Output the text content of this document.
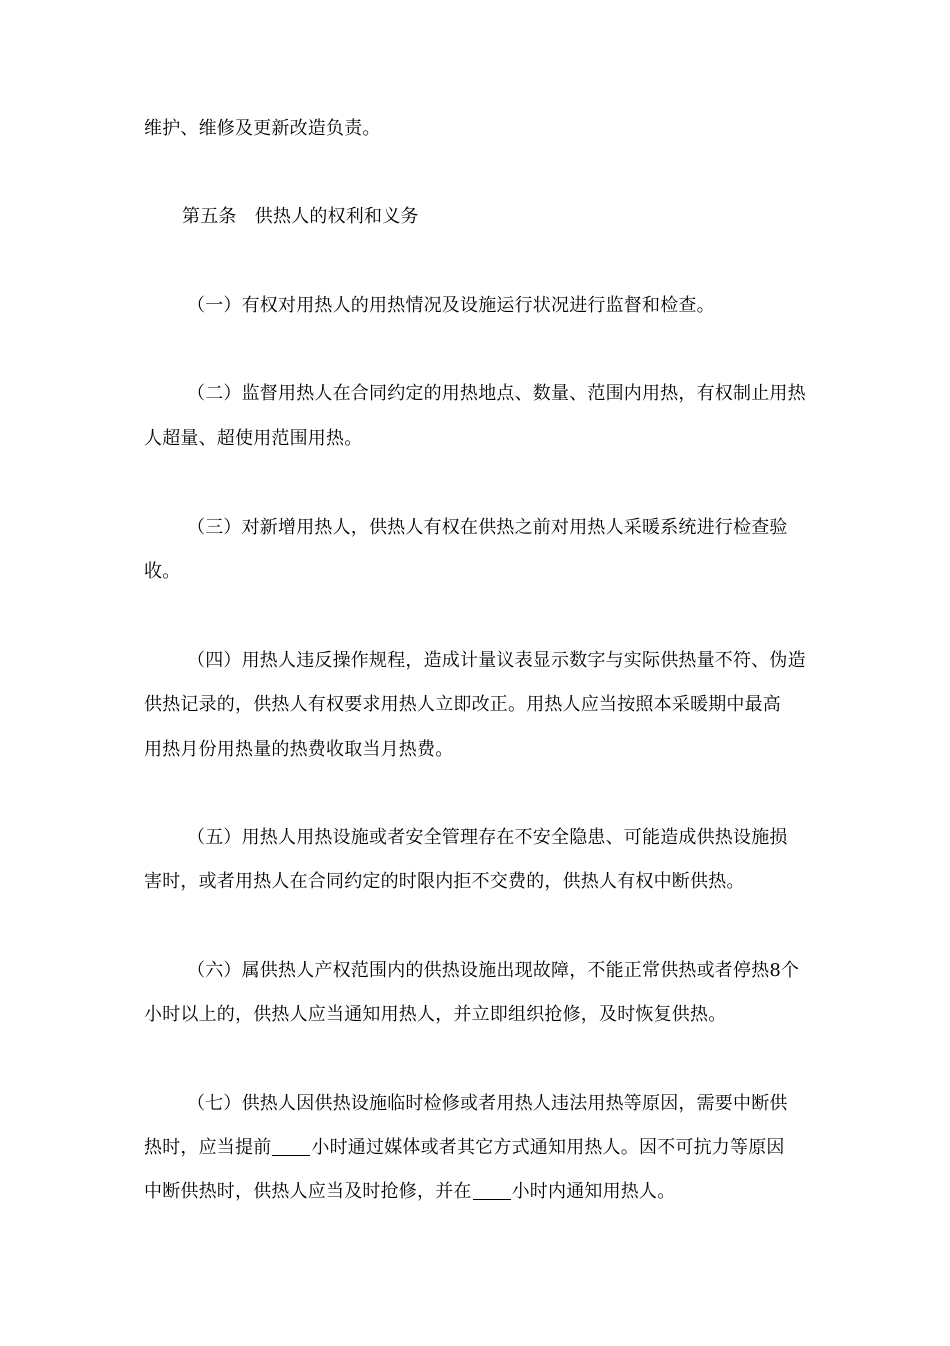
维护、维修及更新改造负责。
第五条　供热人的权利和义务
（一）有权对用热人的用热情况及设施运行状况进行监督和检查。
（二）监督用热人在合同约定的用热地点、数量、范围内用热，有权制止用热
人超量、超使用范围用热。
（三）对新增用热人，供热人有权在供热之前对用热人采暖系统进行检查验
收。
（四）用热人违反操作规程，造成计量议表显示数字与实际供热量不符、伪造
供热记录的，供热人有权要求用热人立即改正。用热人应当按照本采暖期中最高
用热月份用热量的热费收取当月热费。
（五）用热人用热设施或者安全管理存在不安全隐患、可能造成供热设施损
害时，或者用热人在合同约定的时限内拒不交费的，供热人有权中断供热。
（六）属供热人产权范围内的供热设施出现故障，不能正常供热或者停热8个
小时以上的，供热人应当通知用热人，并立即组织抢修，及时恢复供热。
（七）供热人因供热设施临时检修或者用热人违法用热等原因，需要中断供
热时，应当提前 小时通过媒体或者其它方式通知用热人。因不可抗力等原因
中断供热时，供热人应当及时抢修，并在 小时内通知用热人。
